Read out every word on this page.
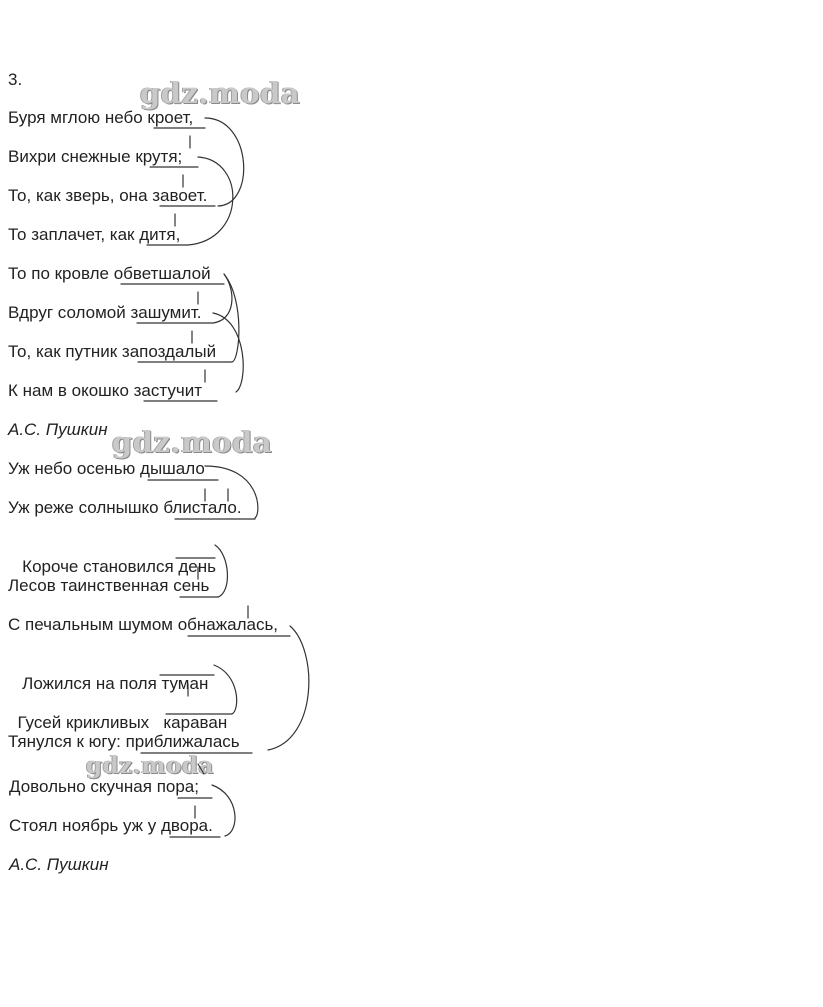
3.
Буря мглою небо кроет,
Вихри снежные крутя;
То, как зверь, она завоет.
То заплачет, как дитя,
То по кровле обветшалой
Вдруг соломой зашумит.
То, как путник запоздалый
К нам в окошко застучит
А.С. Пушкин
Уж небо осенью дышало
Уж реже солнышко блистало.

Короче становился день

Лесов таинственная сень
С печальным шумом обнажалась,

Ложился на поля туман

Гусей крикливых   караван

Тянулся к югу: приближалась
Довольно скучная пора;
Стоял ноябрь уж у двора.
А.С. Пушкин
gdz.moda
gdz.moda
gdz.moda
